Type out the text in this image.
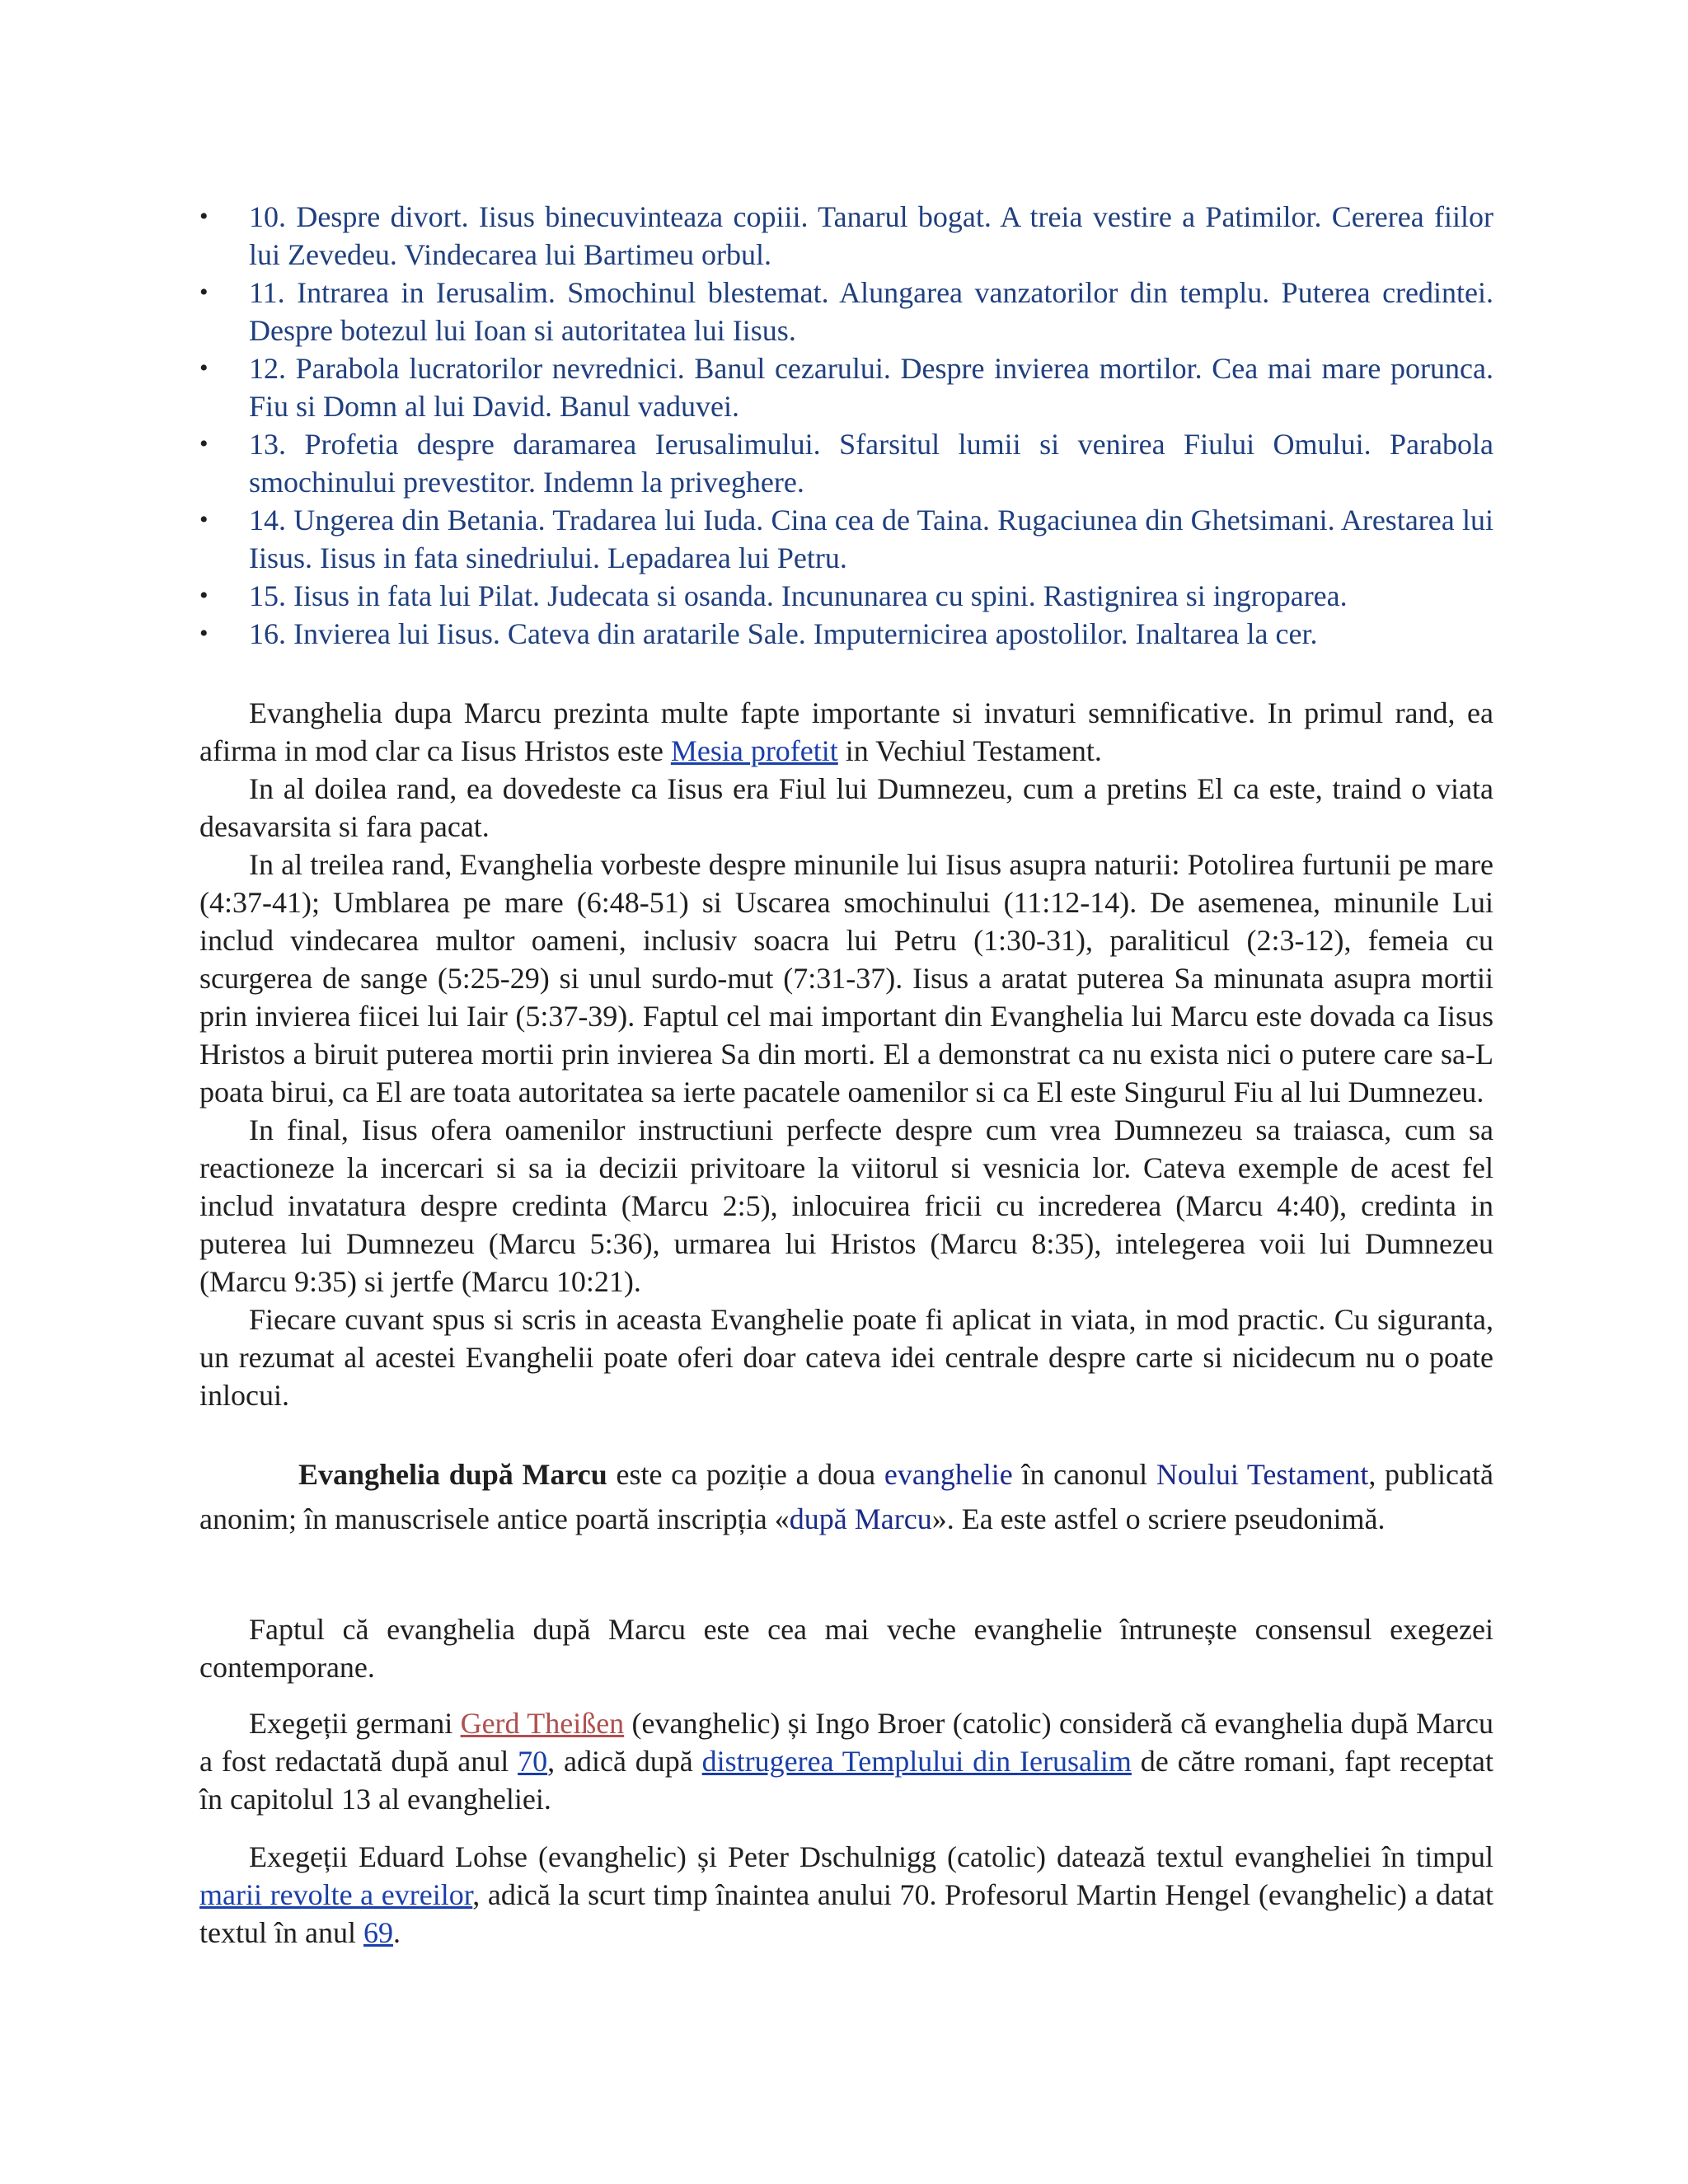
• 10. Despre divort. Iisus binecuvinteaza copiii. Tanarul bogat. A treia vestire a Patimilor. Cererea fiilor lui Zevedeu. Vindecarea lui Bartimeu orbul.
• 11. Intrarea in Ierusalim. Smochinul blestemat. Alungarea vanzatorilor din templu. Puterea credintei. Despre botezul lui Ioan si autoritatea lui Iisus.
• 12. Parabola lucratorilor nevrednici. Banul cezarului. Despre invierea mortilor. Cea mai mare porunca. Fiu si Domn al lui David. Banul vaduvei.
• 13. Profetia despre daramarea Ierusalimului. Sfarsitul lumii si venirea Fiului Omului. Parabola smochinului prevestitor. Indemn la priveghere.
• 14. Ungerea din Betania. Tradarea lui Iuda. Cina cea de Taina. Rugaciunea din Ghetsimani. Arestarea lui Iisus. Iisus in fata sinedriului. Lepadarea lui Petru.
• 15. Iisus in fata lui Pilat. Judecata si osanda. Incununarea cu spini. Rastignirea si ingroparea.
• 16. Invierea lui Iisus. Cateva din aratarile Sale. Imputernicirea apostolilor. Inaltarea la cer.

Evanghelia dupa Marcu prezinta multe fapte importante si invaturi semnificative. In primul rand, ea afirma in mod clar ca Iisus Hristos este Mesia profetit in Vechiul Testament.

In al doilea rand, ea dovedeste ca Iisus era Fiul lui Dumnezeu, cum a pretins El ca este, traind o viata desavarsita si fara pacat.

In al treilea rand, Evanghelia vorbeste despre minunile lui Iisus asupra naturii: Potolirea furtunii pe mare (4:37-41); Umblarea pe mare (6:48-51) si Uscarea smochinului (11:12-14). De asemenea, minunile Lui includ vindecarea multor oameni, inclusiv soacra lui Petru (1:30-31), paraliticul (2:3-12), femeia cu scurgerea de sange (5:25-29) si unul surdo-mut (7:31-37). Iisus a aratat puterea Sa minunata asupra mortii prin invierea fiicei lui Iair (5:37-39). Faptul cel mai important din Evanghelia lui Marcu este dovada ca Iisus Hristos a biruit puterea mortii prin invierea Sa din morti. El a demonstrat ca nu exista nici o putere care sa-L poata birui, ca El are toata autoritatea sa ierte pacatele oamenilor si ca El este Singurul Fiu al lui Dumnezeu.

In final, Iisus ofera oamenilor instructiuni perfecte despre cum vrea Dumnezeu sa traiasca, cum sa reactioneze la incercari si sa ia decizii privitoare la viitorul si vesnicia lor. Cateva exemple de acest fel includ invatatura despre credinta (Marcu 2:5), inlocuirea fricii cu increderea (Marcu 4:40), credinta in puterea lui Dumnezeu (Marcu 5:36), urmarea lui Hristos (Marcu 8:35), intelegerea voii lui Dumnezeu (Marcu 9:35) si jertfe (Marcu 10:21).

Fiecare cuvant spus si scris in aceasta Evanghelie poate fi aplicat in viata, in mod practic. Cu siguranta, un rezumat al acestei Evanghelii poate oferi doar cateva idei centrale despre carte si nicidecum nu o poate inlocui.

Evanghelia după Marcu este ca poziție a doua evanghelie în canonul Noului Testament, publicată anonim; în manuscrisele antice poartă inscripția «după Marcu». Ea este astfel o scriere pseudonimă.

Faptul că evanghelia după Marcu este cea mai veche evanghelie întrunește consensul exegezei contemporane.

Exegeții germani Gerd Theißen (evanghelic) și Ingo Broer (catolic) consideră că evanghelia după Marcu a fost redactată după anul 70, adică după distrugerea Templului din Ierusalim de către romani, fapt receptat în capitolul 13 al evangheliei.

Exegeții Eduard Lohse (evanghelic) și Peter Dschulnigg (catolic) datează textul evangheliei în timpul marii revolte a evreilor, adică la scurt timp înaintea anului 70. Profesorul Martin Hengel (evanghelic) a datat textul în anul 69.
